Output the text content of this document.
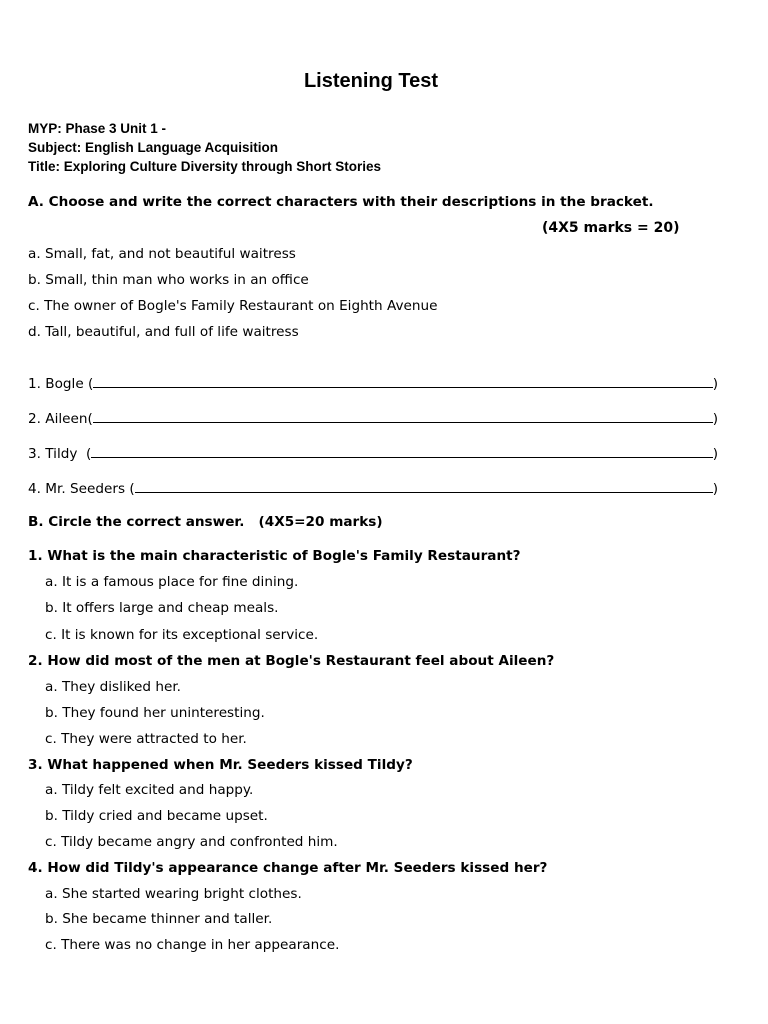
Listening Test
MYP: Phase 3 Unit 1 -
Subject: English Language Acquisition
Title: Exploring Culture Diversity through Short Stories
A. Choose and write the correct characters with their descriptions in the bracket.
(4X5 marks = 20)
a. Small, fat, and not beautiful waitress
b. Small, thin man who works in an office
c. The owner of Bogle's Family Restaurant on Eighth Avenue
d. Tall, beautiful, and full of life waitress
1. Bogle (	)
2. Aileen(	)
3. Tildy  (	)
4. Mr. Seeders (	)
B. Circle the correct answer.   (4X5=20 marks)
1. What is the main characteristic of Bogle's Family Restaurant?
a. It is a famous place for fine dining.
b. It offers large and cheap meals.
c. It is known for its exceptional service.
2. How did most of the men at Bogle's Restaurant feel about Aileen?
a. They disliked her.
b. They found her uninteresting.
c. They were attracted to her.
3. What happened when Mr. Seeders kissed Tildy?
a. Tildy felt excited and happy.
b. Tildy cried and became upset.
c. Tildy became angry and confronted him.
4. How did Tildy's appearance change after Mr. Seeders kissed her?
a. She started wearing bright clothes.
b. She became thinner and taller.
c. There was no change in her appearance.
